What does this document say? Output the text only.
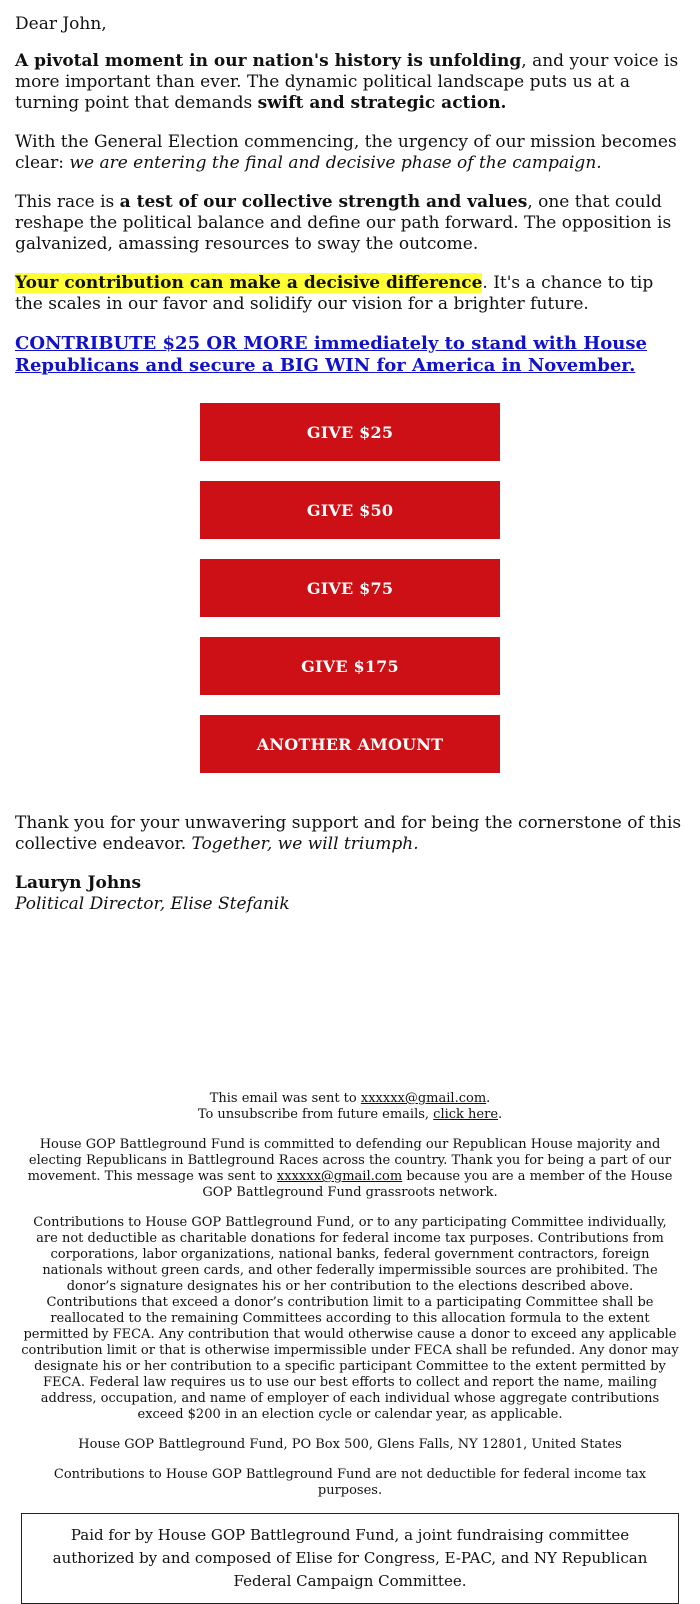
Dear John,

A pivotal moment in our nation's history is unfolding, and your voice is more important than ever. The dynamic political landscape puts us at a turning point that demands swift and strategic action.

With the General Election commencing, the urgency of our mission becomes clear: we are entering the final and decisive phase of the campaign.

This race is a test of our collective strength and values, one that could reshape the political balance and define our path forward. The opposition is galvanized, amassing resources to sway the outcome.

Your contribution can make a decisive difference. It's a chance to tip the scales in our favor and solidify our vision for a brighter future.

CONTRIBUTE $25 OR MORE immediately to stand with House Republicans and secure a BIG WIN for America in November.

GIVE $25
GIVE $50
GIVE $75
GIVE $175
ANOTHER AMOUNT

Thank you for your unwavering support and for being the cornerstone of this collective endeavor. Together, we will triumph.

Lauryn Johns

Political Director, Elise Stefanik

This email was sent to xxxxxx@gmail.com.

To unsubscribe from future emails, click here.

House GOP Battleground Fund is committed to defending our Republican House majority and electing Republicans in Battleground Races across the country. Thank you for being a part of our movement. This message was sent to xxxxxx@gmail.com because you are a member of the House GOP Battleground Fund grassroots network.

Contributions to House GOP Battleground Fund, or to any participating Committee individually, are not deductible as charitable donations for federal income tax purposes. Contributions from corporations, labor organizations, national banks, federal government contractors, foreign nationals without green cards, and other federally impermissible sources are prohibited. The donor’s signature designates his or her contribution to the elections described above. Contributions that exceed a donor’s contribution limit to a participating Committee shall be reallocated to the remaining Committees according to this allocation formula to the extent permitted by FECA. Any contribution that would otherwise cause a donor to exceed any applicable contribution limit or that is otherwise impermissible under FECA shall be refunded. Any donor may designate his or her contribution to a specific participant Committee to the extent permitted by FECA. Federal law requires us to use our best efforts to collect and report the name, mailing address, occupation, and name of employer of each individual whose aggregate contributions exceed $200 in an election cycle or calendar year, as applicable.

House GOP Battleground Fund, PO Box 500, Glens Falls, NY 12801, United States

Contributions to House GOP Battleground Fund are not deductible for federal income tax purposes.

Paid for by House GOP Battleground Fund, a joint fundraising committee authorized by and composed of Elise for Congress, E-PAC, and NY Republican Federal Campaign Committee.
